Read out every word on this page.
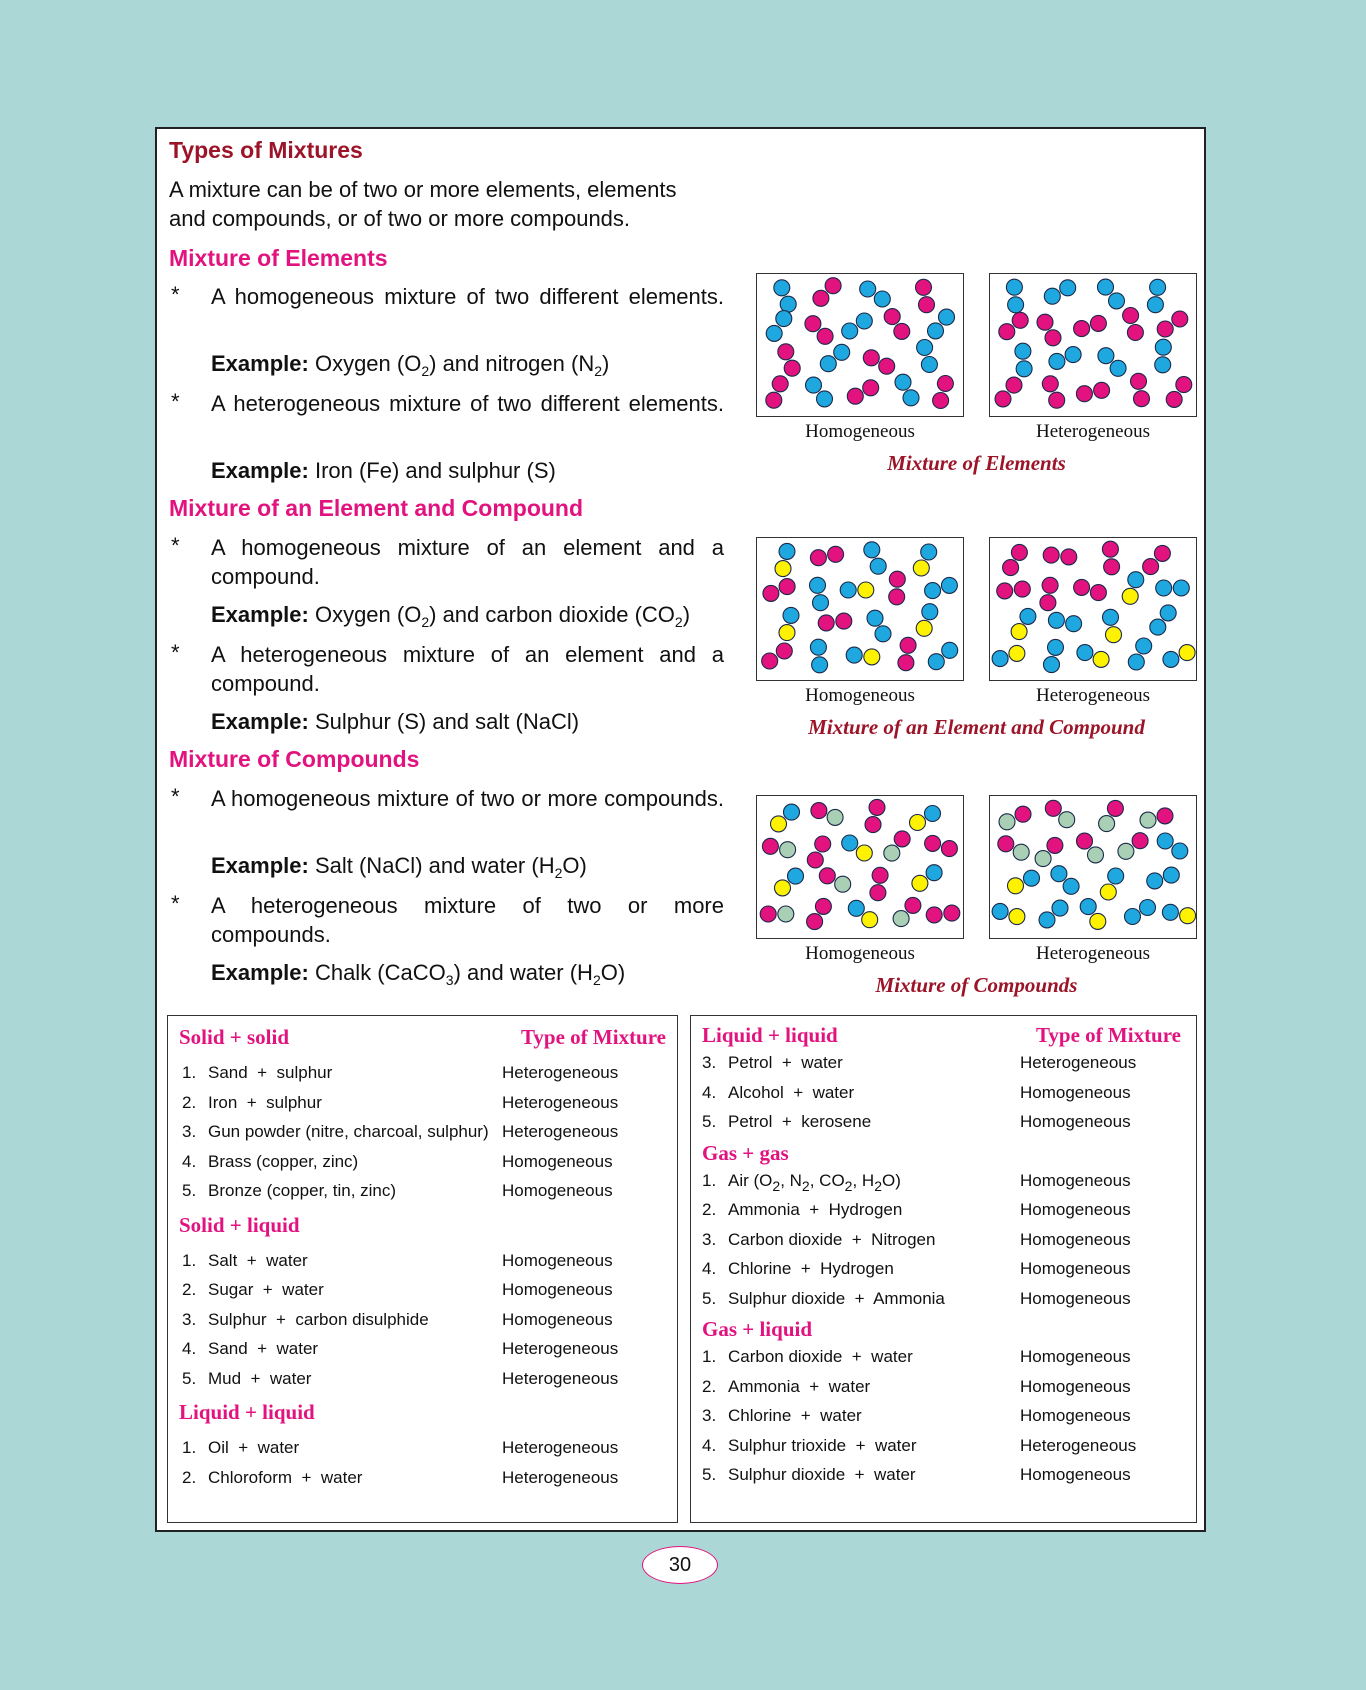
Types of Mixtures
A mixture can be of two or more elements, elements and compounds, or of two or more compounds.
Mixture of Elements
* A homogeneous mixture of two different elements.
Example: Oxygen $(O_2)$ and nitrogen $(N_2)$
* A heterogeneous mixture of two different elements.
Example: Iron (Fe) and sulphur (S)
Mixture of an Element and Compound
* A homogeneous mixture of an element and a compound.
Example: Oxygen $(O_2)$ and carbon dioxide $(CO_2)$
* A heterogeneous mixture of an element and a compound.
Example: Sulphur (S) and salt (NaCl)
Mixture of Compounds
* A homogeneous mixture of two or more compounds.
Example: Salt (NaCl) and water $(H_2O)$
* A heterogeneous mixture of two or more compounds.
Example: Chalk (CaCO$_3$) and water $(H_2O)$
Homogeneous	Heterogeneous
Mixture of Elements
Homogeneous	Heterogeneous
Mixture of an Element and Compound
Homogeneous	Heterogeneous
Mixture of Compounds
Solid + solid	Type of Mixture
1. Sand  +  sulphur	Heterogeneous
2. Iron  +  sulphur	Heterogeneous
3. Gun powder (nitre, charcoal, sulphur) Heterogeneous
4. Brass (copper, zinc)	Homogeneous
5. Bronze (copper, tin, zinc)	Homogeneous
Solid + liquid
1. Salt  +  water	Homogeneous
2. Sugar  +  water	Homogeneous
3. Sulphur  +  carbon disulphide	Homogeneous
4. Sand  +  water	Heterogeneous
5. Mud  +  water	Heterogeneous
Liquid + liquid
1. Oil  +  water	Heterogeneous
2. Chloroform  +  water	Heterogeneous
Liquid + liquid	Type of Mixture
3. Petrol  +  water	Heterogeneous
4. Alcohol  +  water	Homogeneous
5. Petrol  +  kerosene	Homogeneous
Gas + gas
1. Air ($O_2$, $N_2$, $CO_2$, $H_2O$)	Homogeneous
2. Ammonia  +  Hydrogen	Homogeneous
3. Carbon dioxide  +  Nitrogen	Homogeneous
4. Chlorine  +  Hydrogen	Homogeneous
5. Sulphur dioxide  +  Ammonia	Homogeneous
Gas + liquid
1. Carbon dioxide  +  water	Homogeneous
2. Ammonia  +  water	Homogeneous
3. Chlorine  +  water	Homogeneous
4. Sulphur trioxide  +  water	Heterogeneous
5. Sulphur dioxide  +  water	Homogeneous
30
